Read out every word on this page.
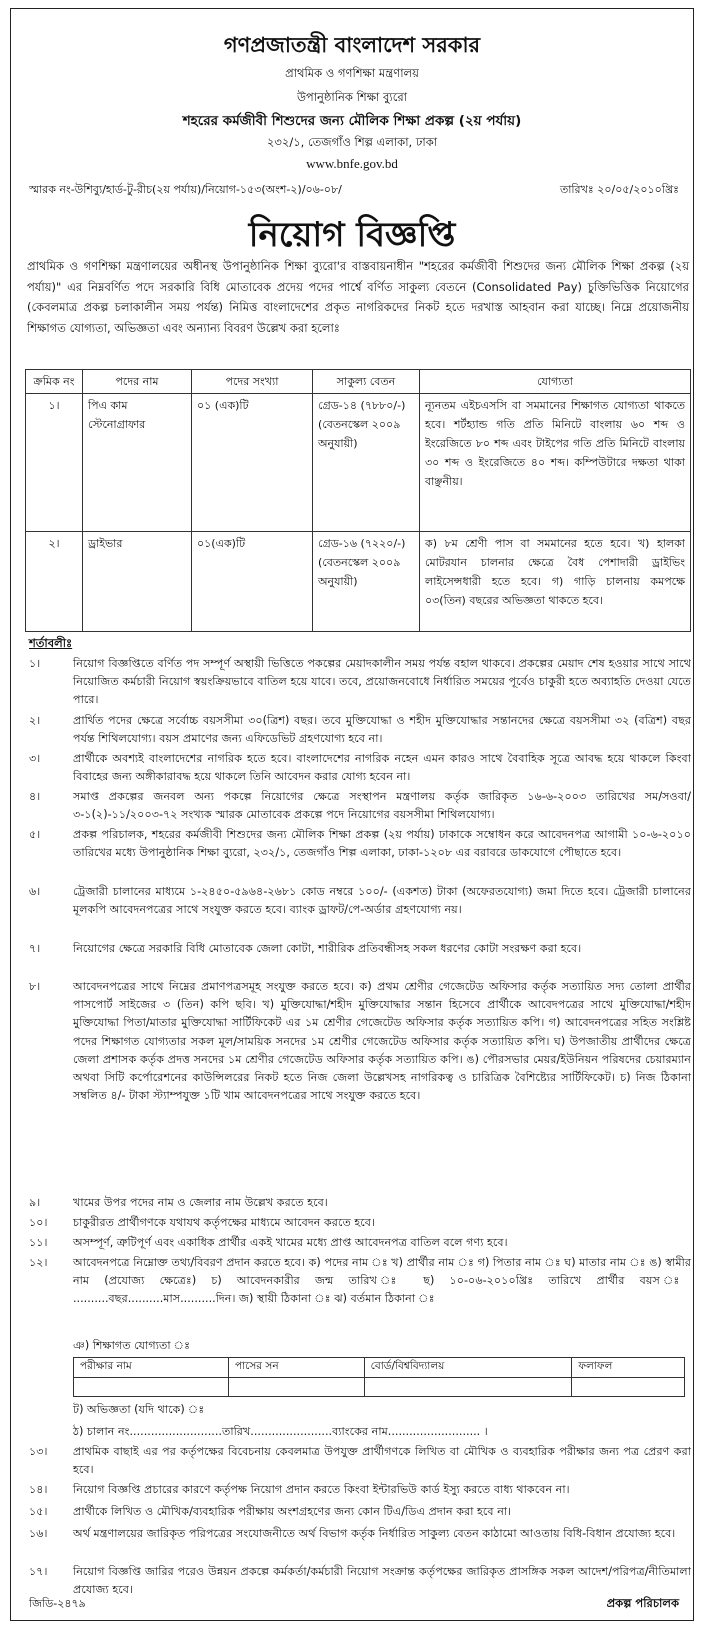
গণপ্রজাতন্ত্রী বাংলাদেশ সরকার
প্রাথমিক ও গণশিক্ষা মন্ত্রণালয়
উপানুষ্ঠানিক শিক্ষা ব্যুরো
শহরের কর্মজীবী শিশুদের জন্য মৌলিক শিক্ষা প্রকল্প (২য় পর্যায়)
২৩২/১, তেজগাঁও শিল্প এলাকা, ঢাকা
www.bnfe.gov.bd
স্মারক নং-উশিব্যু/হার্ড-টু-রীচ(২য় পর্যায়)/নিয়োগ-১৫৩(অংশ-২)/০৬-০৮/	তারিখঃ ২০/০৫/২০১০খ্রিঃ
নিয়োগ বিজ্ঞপ্তি
প্রাথমিক ও গণশিক্ষা মন্ত্রণালয়ের অধীনস্থ উপানুষ্ঠানিক শিক্ষা ব্যুরো'র বাস্তবায়নাধীন "শহরের কর্মজীবী শিশুদের জন্য মৌলিক শিক্ষা প্রকল্প (২য় পর্যায়)" এর নিম্নবর্ণিত পদে সরকারি বিধি মোতাবেক প্রদেয় পদের পার্শ্বে বর্ণিত সাকুল্য বেতনে (Consolidated Pay) চুক্তিভিত্তিক নিয়োগের (কেবলমাত্র প্রকল্প চলাকালীন সময় পর্যন্ত) নিমিত্ত বাংলাদেশের প্রকৃত নাগরিকদের নিকট হতে দরখাস্ত আহবান করা যাচ্ছে। নিম্নে প্রয়োজনীয় শিক্ষাগত যোগ্যতা, অভিজ্ঞতা এবং অন্যান্য বিবরণ উল্লেখ করা হলোঃ
ক্রমিক নং	পদের নাম	পদের সংখ্যা	সাকুল্য বেতন	যোগ্যতা
১।	পিএ কাম স্টেনোগ্রাফার	০১ (এক)টি	গ্রেড-১৪ (৭৮৮০/-) (বেতনস্কেল ২০০৯ অনুযায়ী)	ন্যূনতম এইচএসসি বা সমমানের শিক্ষাগত যোগ্যতা থাকতে হবে। শর্টহ্যান্ড গতি প্রতি মিনিটে বাংলায় ৬০ শব্দ ও ইংরেজিতে ৮০ শব্দ এবং টাইপের গতি প্রতি মিনিটে বাংলায় ৩০ শব্দ ও ইংরেজিতে ৪০ শব্দ। কম্পিউটারে দক্ষতা থাকা বাঞ্ছনীয়।
২।	ড্রাইভার	০১(এক)টি	গ্রেড-১৬ (৭২২০/-) (বেতনস্কেল ২০০৯ অনুযায়ী)	ক) ৮ম শ্রেণী পাস বা সমমানের হতে হবে। খ) হালকা মোটরযান চালনার ক্ষেত্রে বৈধ পেশাদারী ড্রাইভিং লাইসেন্সধারী হতে হবে। গ) গাড়ি চালনায় কমপক্ষে ০৩(তিন) বছরের অভিজ্ঞতা থাকতে হবে।
শর্তাবলীঃ
১।	নিয়োগ বিজ্ঞপ্তিতে বর্ণিত পদ সম্পূর্ণ অস্থায়ী ভিত্তিতে পকল্পের মেয়াদকালীন সময় পর্যন্ত বহাল থাকবে। প্রকল্পের মেয়াদ শেষ হওয়ার সাথে সাথে নিয়োজিত কর্মচারী নিয়োগ স্বয়ংক্রিয়ভাবে বাতিল হয়ে যাবে। তবে, প্রয়োজনবোধে নির্ধারিত সময়ের পূর্বেও চাকুরী হতে অব্যাহতি দেওয়া যেতে পারে।
২।	প্রার্থিত পদের ক্ষেত্রে সর্বোচ্চ বয়সসীমা ৩০(ত্রিশ) বছর। তবে মুক্তিযোদ্ধা ও শহীদ মুক্তিযোদ্ধার সন্তানদের ক্ষেত্রে বয়সসীমা ৩২ (বত্রিশ) বছর পর্যন্ত শিথিলযোগ্য। বয়স প্রমাণের জন্য এফিডেভিট গ্রহণযোগ্য হবে না।
৩।	প্রার্থীকে অবশ্যই বাংলাদেশের নাগরিক হতে হবে। বাংলাদেশের নাগরিক নহেন এমন কারও সাথে বৈবাহিক সূত্রে আবদ্ধ হয়ে থাকলে কিংবা বিবাহের জন্য অঙ্গীকারাবদ্ধ হয়ে থাকলে তিনি আবেদন করার যোগ্য হবেন না।
৪।	সমাপ্ত প্রকল্পের জনবল অন্য পকল্পে নিয়োগের ক্ষেত্রে সংস্থাপন মন্ত্রণালয় কর্তৃক জারিকৃত ১৬-৬-২০০৩ তারিখের সম/সওবা/৩-১(২)-১১/২০০৩-৭২ সংখ্যক স্মারক মোতাবেক প্রকল্পে পদে নিয়োগের বয়সসীমা শিথিলযোগ্য।
৫।	প্রকল্প পরিচালক, শহরের কর্মজীবী শিশুদের জন্য মৌলিক শিক্ষা প্রকল্প (২য় পর্যায়) ঢাকাকে সম্বোধন করে আবেদনপত্র আগামী ১০-৬-২০১০ তারিখের মধ্যে উপানুষ্ঠানিক শিক্ষা ব্যুরো, ২৩২/১, তেজগাঁও শিল্প এলাকা, ঢাকা-১২০৮ এর বরাবরে ডাকযোগে পৌছাতে হবে।
৬।	ট্রেজারী চালানের মাধ্যমে ১-২৪৫০-৫৯৬৪-২৬৮১ কোড নম্বরে ১০০/- (একশত) টাকা (অফেরতযোগ্য) জমা দিতে হবে। ট্রেজারী চালানের মূলকপি আবেদনপত্রের সাথে সংযুক্ত করতে হবে। ব্যাংক ড্রাফট/পে-অর্ডার গ্রহণযোগ্য নয়।
৭।	নিয়োগের ক্ষেত্রে সরকারি বিধি মোতাবেক জেলা কোটা, শারীরিক প্রতিবন্ধীসহ সকল ধরণের কোটা সংরক্ষণ করা হবে।
৮।	আবেদনপত্রের সাথে নিম্নের প্রমাণপত্রসমূহ সংযুক্ত করতে হবে। ক) প্রথম শ্রেণীর গেজেটেড অফিসার কর্তৃক সত্যায়িত সদ্য তোলা প্রার্থীর পাসপোর্ট সাইজের ৩ (তিন) কপি ছবি। খ) মুক্তিযোদ্ধা/শহীদ মুক্তিযোদ্ধার সন্তান হিসেবে প্রার্থীকে আবেদপত্রের সাথে মুক্তিযোদ্ধা/শহীদ মুক্তিযোদ্ধা পিতা/মাতার মুক্তিযোদ্ধা সার্টিফিকেট এর ১ম শ্রেণীর গেজেটেড অফিসার কর্তৃক সত্যায়িত কপি। গ) আবেদনপত্রের সহিত সংশ্লিষ্ট পদের শিক্ষাগত যোগ্যতার সকল মূল/সাময়িক সনদের ১ম শ্রেণীর গেজেটেড অফিসার কর্তৃক সত্যায়িত কপি। ঘ) উপজাতীয় প্রার্থীদের ক্ষেত্রে জেলা প্রশাসক কর্তৃক প্রদত্ত সনদের ১ম শ্রেণীর গেজেটেড অফিসার কর্তৃক সত্যায়িত কপি। ঙ) পৌরসভার মেয়র/ইউনিয়ন পরিষদের চেয়ারম্যান অথবা সিটি কর্পোরেশনের কাউন্সিলরের নিকট হতে নিজ জেলা উল্লেখসহ নাগরিকত্ব ও চারিত্রিক বৈশিষ্ট্যের সার্টিফিকেট। চ) নিজ ঠিকানা সম্বলিত ৪/- টাকা স্ট্যাম্পযুক্ত ১টি খাম আবেদনপত্রের সাথে সংযুক্ত করতে হবে।
৯।	খামের উপর পদের নাম ও জেলার নাম উল্লেখ করতে হবে।
১০। চাকুরীরত প্রার্থীগণকে যথাযথ কর্তৃপক্ষের মাধ্যমে আবেদন করতে হবে।
১১। অসম্পূর্ণ, ত্রুটিপূর্ণ এবং একাধিক প্রার্থীর একই খামের মধ্যে প্রাপ্ত আবেদনপত্র বাতিল বলে গণ্য হবে।
১২। আবেদনপত্রে নিম্নোক্ত তথ্য/বিবরণ প্রদান করতে হবে। ক) পদের নাম ঃ খ) প্রার্থীর নাম ঃ গ) পিতার নাম ঃ ঘ) মাতার নাম ঃ ঙ) স্বামীর নাম (প্রযোজ্য ক্ষেত্রেঃ) চ) আবেদনকারীর জন্ম তারিখ ঃ ছ) ১০-০৬-২০১০খ্রিঃ তারিখে প্রার্থীর বয়স ঃ ..........বছর..........মাস..........দিন। জ) স্থায়ী ঠিকানা ঃ ঝ) বর্তমান ঠিকানা ঃ
ঞ) শিক্ষাগত যোগ্যতা ঃ
পরীক্ষার নাম	পাসের সন	বোর্ড/বিশ্ববিদ্যালয়	ফলাফল

ট) অভিজ্ঞতা (যদি থাকে) ঃ
ঠ) চালান নং..........................তারিখ.......................ব্যাংকের নাম.......................... ।
১৩। প্রাথমিক বাছাই এর পর কর্তৃপক্ষের বিবেচনায় কেবলমাত্র উপযুক্ত প্রার্থীগণকে লিখিত বা মৌখিক ও ব্যবহারিক পরীক্ষার জন্য পত্র প্রেরণ করা হবে।
১৪। নিয়োগ বিজ্ঞপ্তি প্রচারের কারণে কর্তৃপক্ষ নিয়োগ প্রদান করতে কিংবা ইন্টারভিউ কার্ড ইস্যু করতে বাধ্য থাকবেন না।
১৫। প্রার্থীকে লিখিত ও মৌখিক/ব্যবহারিক পরীক্ষায় অংশগ্রহণের জন্য কোন টিএ/ডিএ প্রদান করা হবে না।
১৬। অর্থ মন্ত্রণালয়ের জারিকৃত পরিপত্রের সংযোজনীতে অর্থ বিভাগ কর্তৃক নির্ধারিত সাকুল্য বেতন কাঠামো আওতায় বিধি-বিধান প্রযোজ্য হবে।
১৭। নিয়োগ বিজ্ঞপ্তি জারির পরেও উন্নয়ন প্রকল্পে কর্মকর্তা/কর্মচারী নিয়োগ সংক্রান্ত কর্তৃপক্ষের জারিকৃত প্রাসঙ্গিক সকল আদেশ/পরিপত্র/নীতিমালা প্রযোজ্য হবে।
জিডি-২৪৭৯	প্রকল্প পরিচালক
